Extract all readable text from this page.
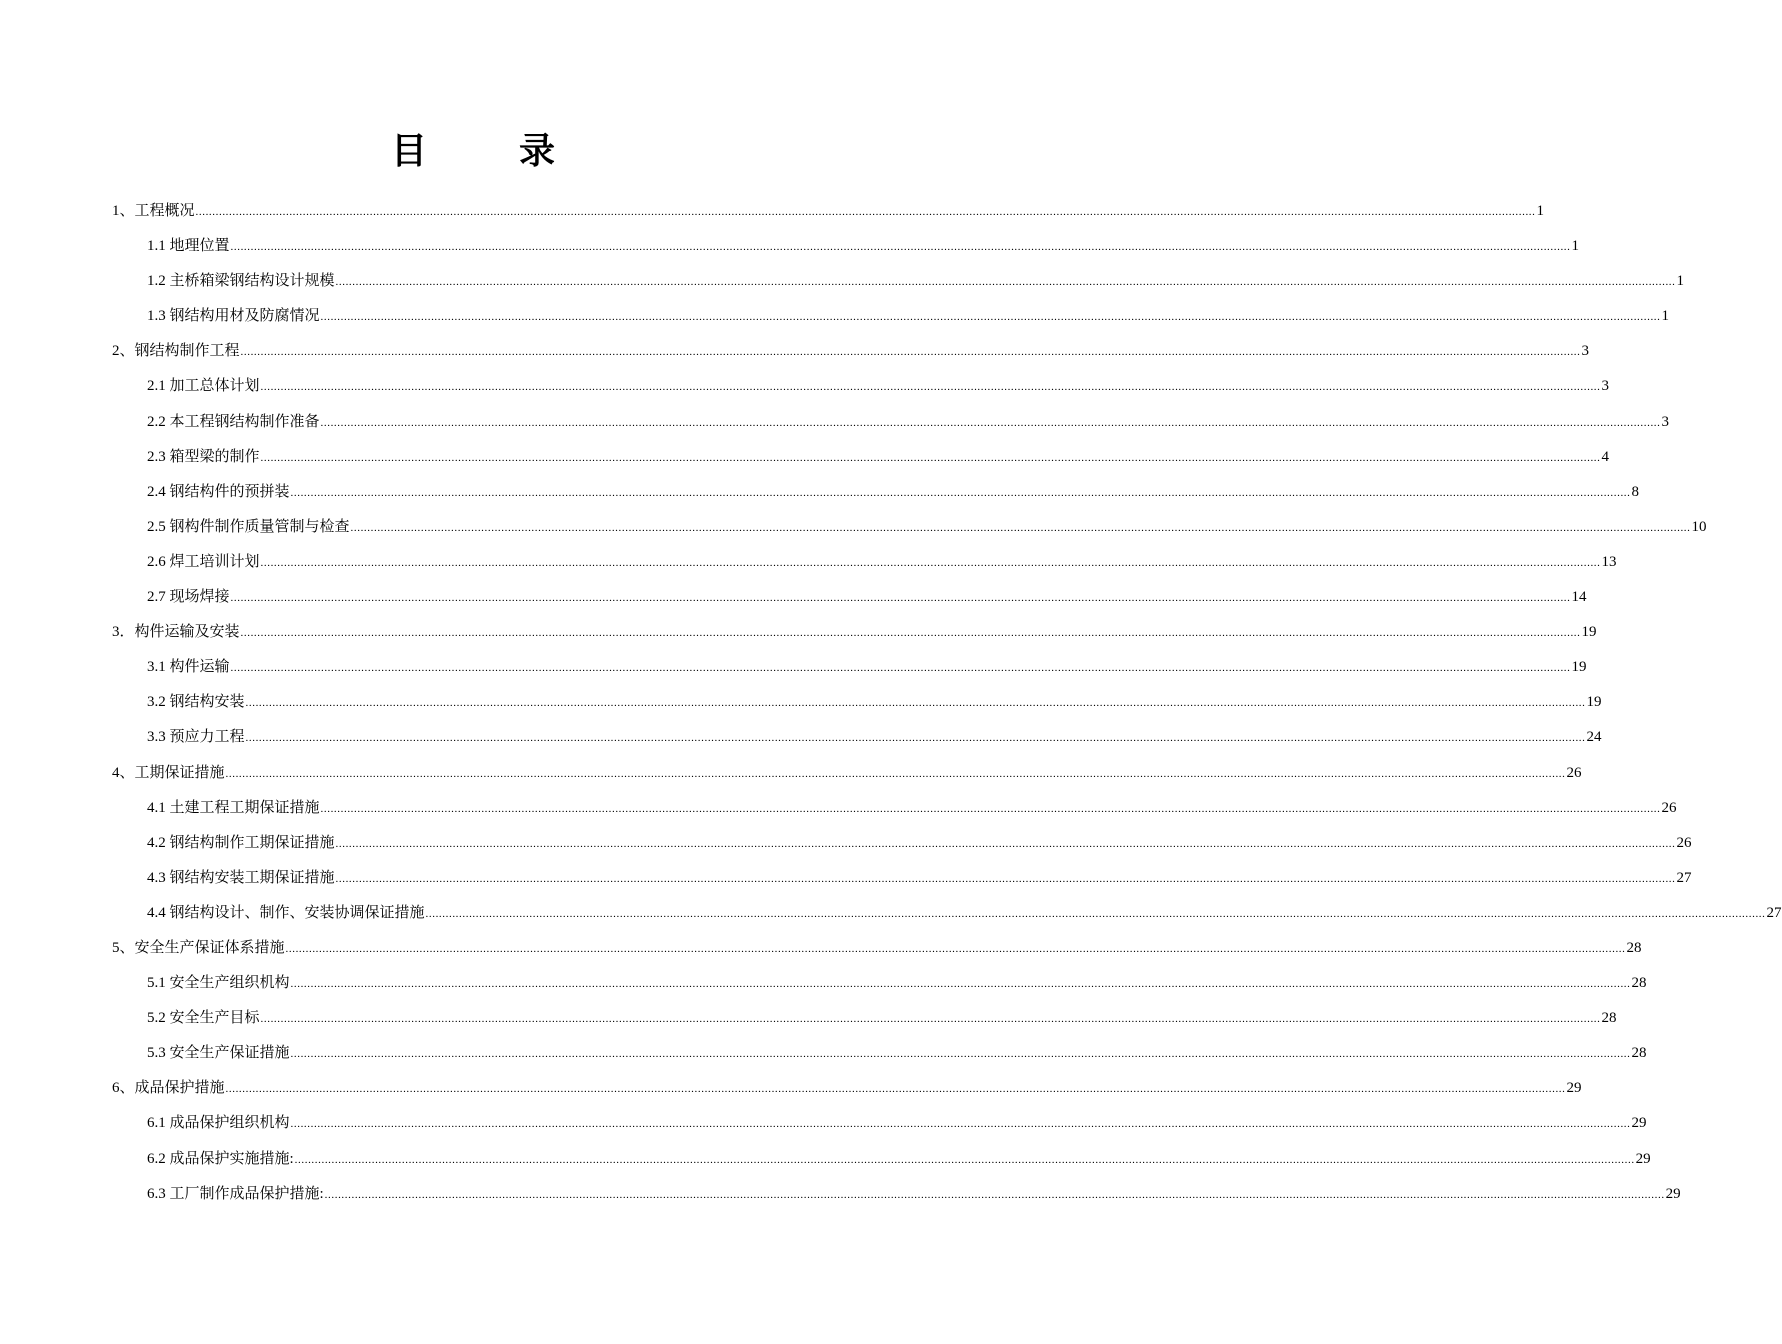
目　录
1、工程概况 ................................................................................................................................................................................................................................................................................................................................................................................................................ 1
1.1 地理位置 ................................................................................................................................................................................................................................................................................................................................................................................................................ 1
1.2 主桥箱梁钢结构设计规模 ................................................................................................................................................................................................................................................................................................................................................................................................................ 1
1.3 钢结构用材及防腐情况 ................................................................................................................................................................................................................................................................................................................................................................................................................ 1
2、钢结构制作工程 ................................................................................................................................................................................................................................................................................................................................................................................................................ 3
2.1 加工总体计划 ................................................................................................................................................................................................................................................................................................................................................................................................................ 3
2.2 本工程钢结构制作准备 ................................................................................................................................................................................................................................................................................................................................................................................................................ 3
2.3 箱型梁的制作 ................................................................................................................................................................................................................................................................................................................................................................................................................ 4
2.4 钢结构件的预拼装 ................................................................................................................................................................................................................................................................................................................................................................................................................ 8
2.5 钢构件制作质量管制与检查 ................................................................................................................................................................................................................................................................................................................................................................................................................ 10
2.6 焊工培训计划 ................................................................................................................................................................................................................................................................................................................................................................................................................ 13
2.7 现场焊接 ................................................................................................................................................................................................................................................................................................................................................................................................................ 14
3．构件运输及安装 ................................................................................................................................................................................................................................................................................................................................................................................................................ 19
3.1 构件运输 ................................................................................................................................................................................................................................................................................................................................................................................................................ 19
3.2 钢结构安装 ................................................................................................................................................................................................................................................................................................................................................................................................................ 19
3.3 预应力工程 ................................................................................................................................................................................................................................................................................................................................................................................................................ 24
4、工期保证措施 ................................................................................................................................................................................................................................................................................................................................................................................................................ 26
4.1 土建工程工期保证措施 ................................................................................................................................................................................................................................................................................................................................................................................................................ 26
4.2 钢结构制作工期保证措施 ................................................................................................................................................................................................................................................................................................................................................................................................................ 26
4.3 钢结构安装工期保证措施 ................................................................................................................................................................................................................................................................................................................................................................................................................ 27
4.4 钢结构设计、制作、安装协调保证措施 ................................................................................................................................................................................................................................................................................................................................................................................................................ 27
5、安全生产保证体系措施 ................................................................................................................................................................................................................................................................................................................................................................................................................ 28
5.1 安全生产组织机构 ................................................................................................................................................................................................................................................................................................................................................................................................................ 28
5.2 安全生产目标 ................................................................................................................................................................................................................................................................................................................................................................................................................ 28
5.3 安全生产保证措施 ................................................................................................................................................................................................................................................................................................................................................................................................................ 28
6、成品保护措施 ................................................................................................................................................................................................................................................................................................................................................................................................................ 29
6.1 成品保护组织机构 ................................................................................................................................................................................................................................................................................................................................................................................................................ 29
6.2 成品保护实施措施: ................................................................................................................................................................................................................................................................................................................................................................................................................ 29
6.3 工厂制作成品保护措施: ................................................................................................................................................................................................................................................................................................................................................................................................................ 29
